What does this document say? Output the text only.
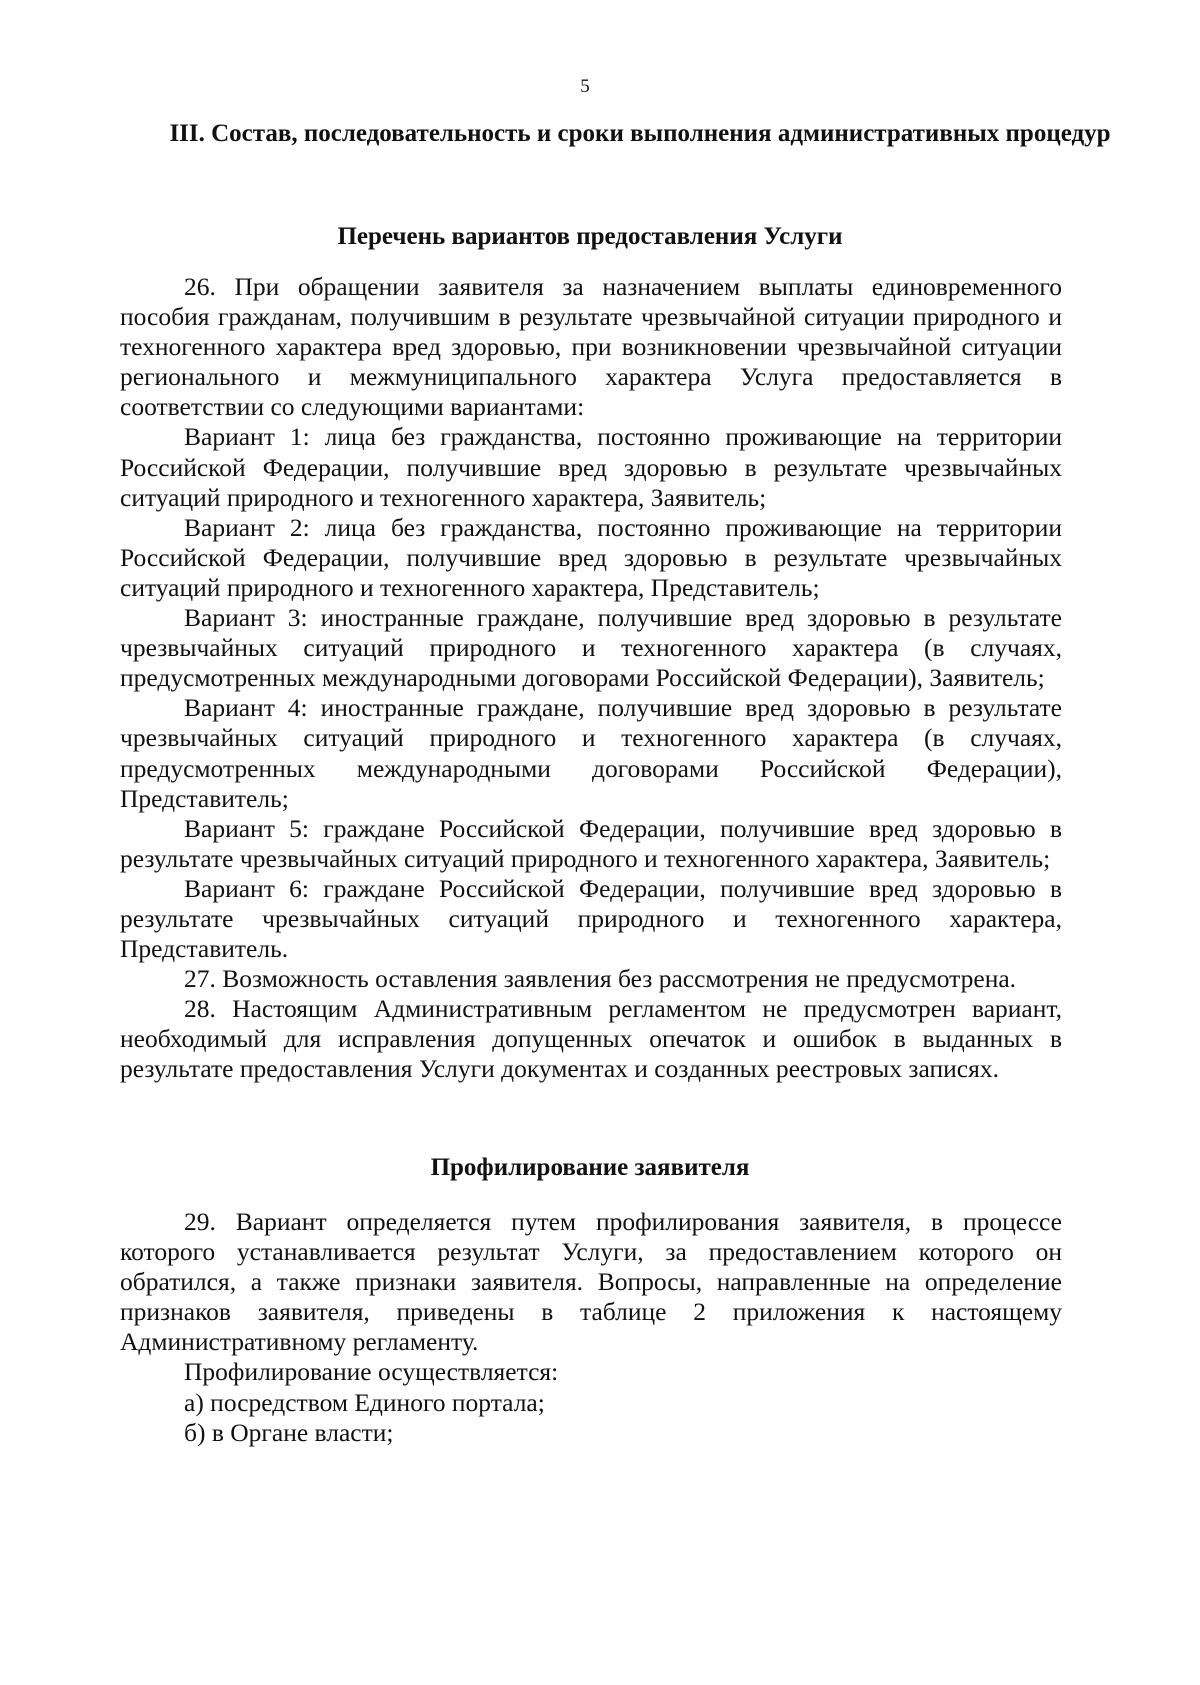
5
III. Состав, последовательность и сроки выполнения административных процедур
Перечень вариантов предоставления Услуги

26. При обращении заявителя за назначением выплаты единовременного пособия гражданам, получившим в результате чрезвычайной ситуации природного и техногенного характера вред здоровью, при возникновении чрезвычайной ситуации регионального и межмуниципального характера Услуга предоставляется в соответствии со следующими вариантами:

Вариант 1: лица без гражданства, постоянно проживающие на территории Российской Федерации, получившие вред здоровью в результате чрезвычайных ситуаций природного и техногенного характера, Заявитель;

Вариант 2: лица без гражданства, постоянно проживающие на территории Российской Федерации, получившие вред здоровью в результате чрезвычайных ситуаций природного и техногенного характера, Представитель;

Вариант 3: иностранные граждане, получившие вред здоровью в результате чрезвычайных ситуаций природного и техногенного характера (в случаях, предусмотренных международными договорами Российской Федерации), Заявитель;

Вариант 4: иностранные граждане, получившие вред здоровью в результате чрезвычайных ситуаций природного и техногенного характера (в случаях, предусмотренных международными договорами Российской Федерации), Представитель;

Вариант 5: граждане Российской Федерации, получившие вред здоровью в результате чрезвычайных ситуаций природного и техногенного характера, Заявитель;

Вариант 6: граждане Российской Федерации, получившие вред здоровью в результате чрезвычайных ситуаций природного и техногенного характера, Представитель.

27. Возможность оставления заявления без рассмотрения не предусмотрена.

28. Настоящим Административным регламентом не предусмотрен вариант, необходимый для исправления допущенных опечаток и ошибок в выданных в результате предоставления Услуги документах и созданных реестровых записях.

Профилирование заявителя

29. Вариант определяется путем профилирования заявителя, в процессе которого устанавливается результат Услуги, за предоставлением которого он обратился, а также признаки заявителя. Вопросы, направленные на определение признаков заявителя, приведены в таблице 2 приложения к настоящему Административному регламенту.

Профилирование осуществляется:

а) посредством Единого портала;

б) в Органе власти;
